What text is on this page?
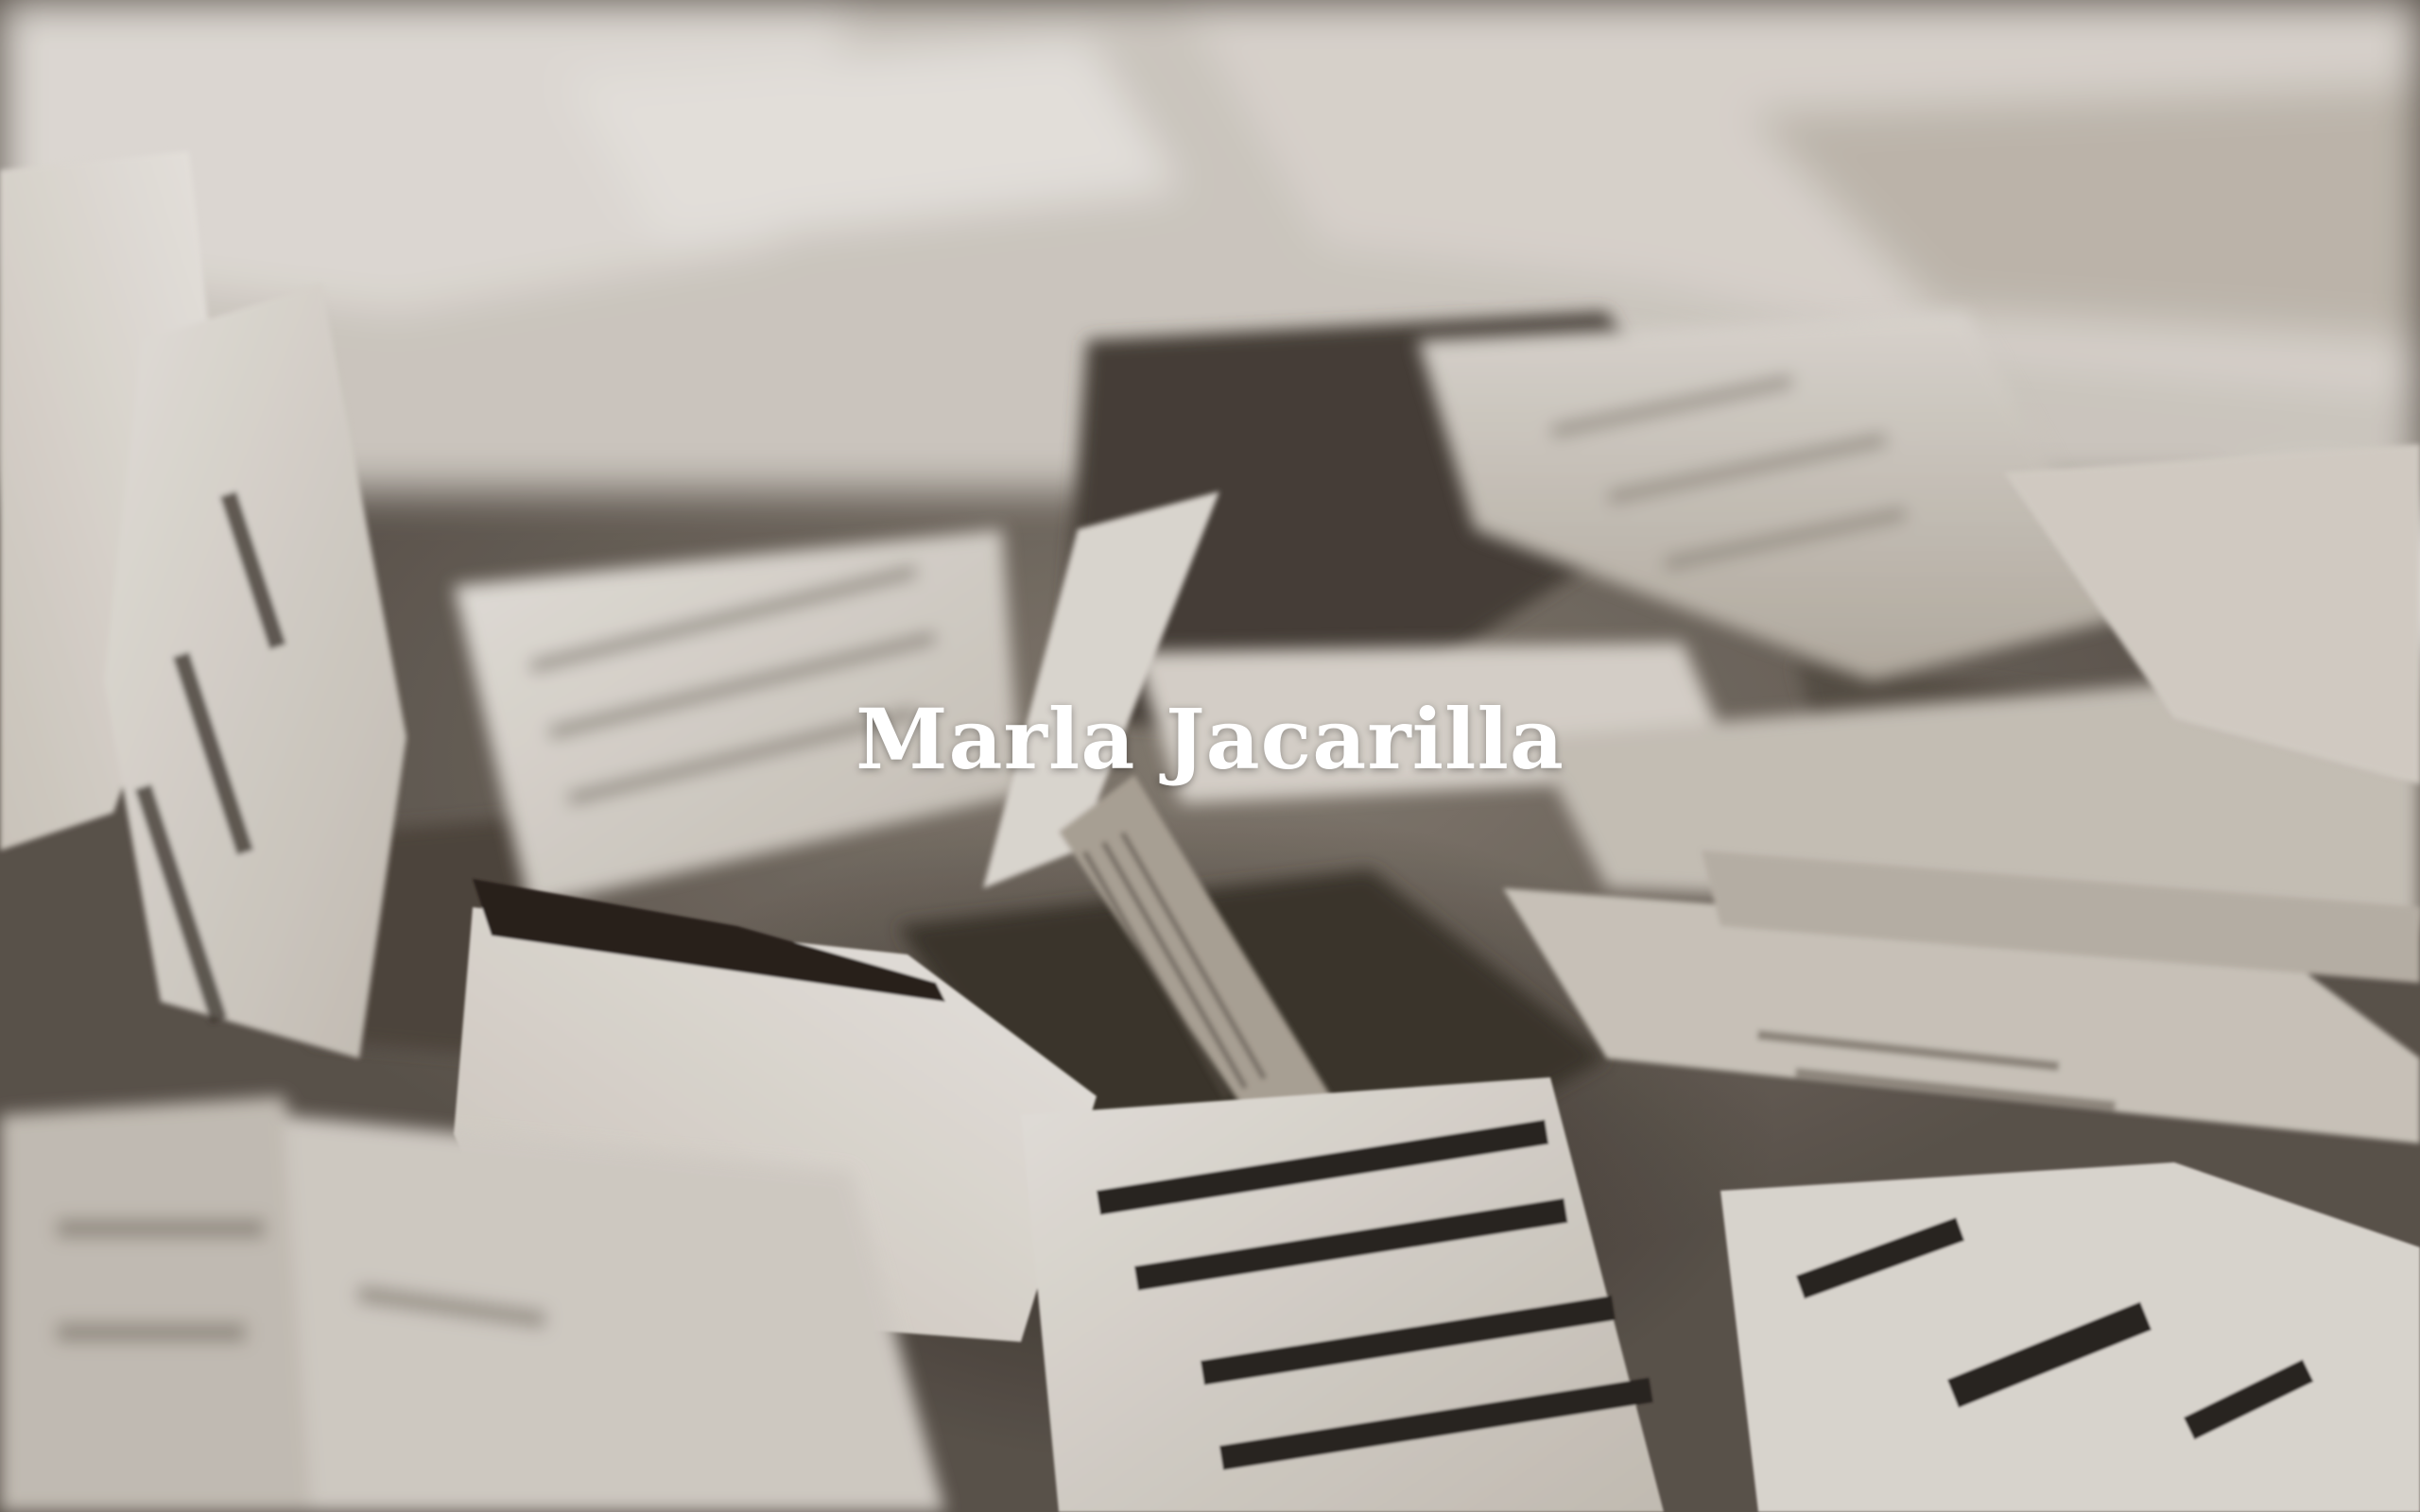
Marla Jacarilla
